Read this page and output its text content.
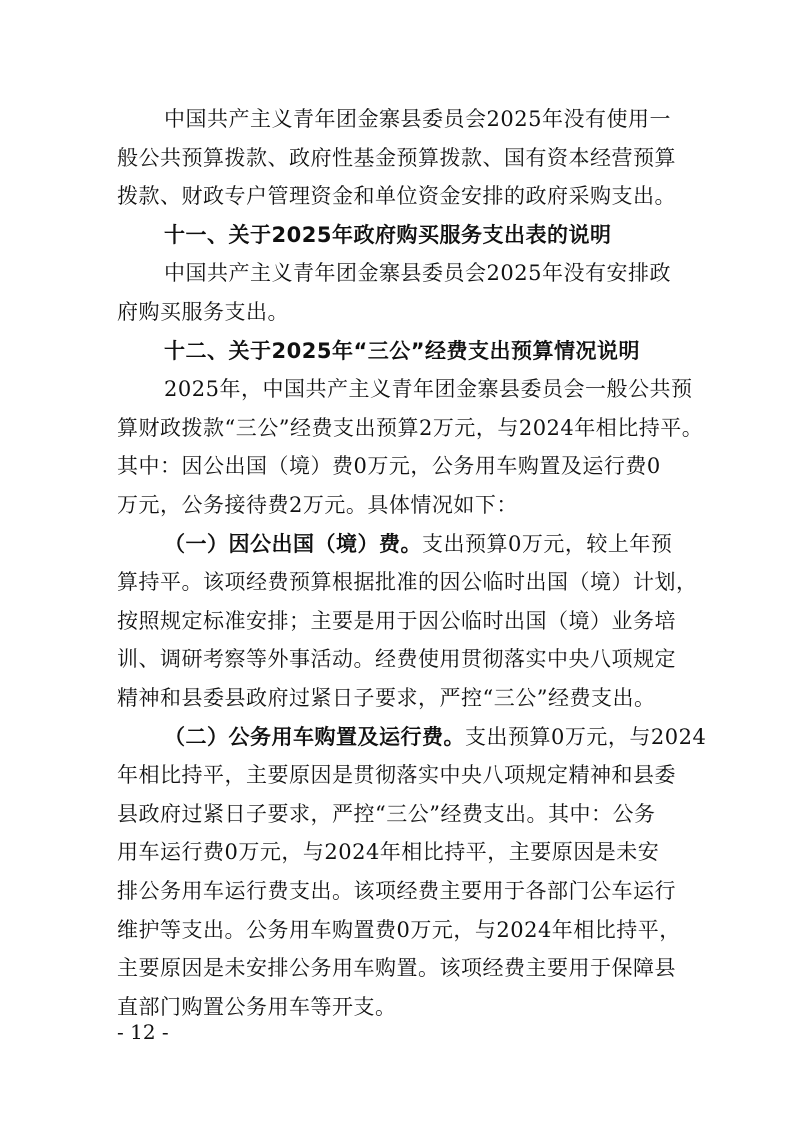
中国共产主义青年团金寨县委员会2025年没有使用一
般公共预算拨款、政府性基金预算拨款、国有资本经营预算
拨款、财政专户管理资金和单位资金安排的政府采购支出。
十一、关于2025年政府购买服务支出表的说明
中国共产主义青年团金寨县委员会2025年没有安排政
府购买服务支出。
十二、关于2025年“三公”经费支出预算情况说明
2025年，中国共产主义青年团金寨县委员会一般公共预
算财政拨款“三公”经费支出预算2万元，与2024年相比持平。
其中：因公出国（境）费0万元，公务用车购置及运行费0
万元，公务接待费2万元。具体情况如下：
（一）因公出国（境）费。支出预算0万元，较上年预
算持平。该项经费预算根据批准的因公临时出国（境）计划，
按照规定标准安排；主要是用于因公临时出国（境）业务培
训、调研考察等外事活动。经费使用贯彻落实中央八项规定
精神和县委县政府过紧日子要求，严控“三公”经费支出。
（二）公务用车购置及运行费。支出预算0万元，与2024
年相比持平，主要原因是贯彻落实中央八项规定精神和县委
县政府过紧日子要求，严控“三公”经费支出。其中：公务
用车运行费0万元，与2024年相比持平，主要原因是未安
排公务用车运行费支出。该项经费主要用于各部门公车运行
维护等支出。公务用车购置费0万元，与2024年相比持平，
主要原因是未安排公务用车购置。该项经费主要用于保障县
直部门购置公务用车等开支。
- 12 -
